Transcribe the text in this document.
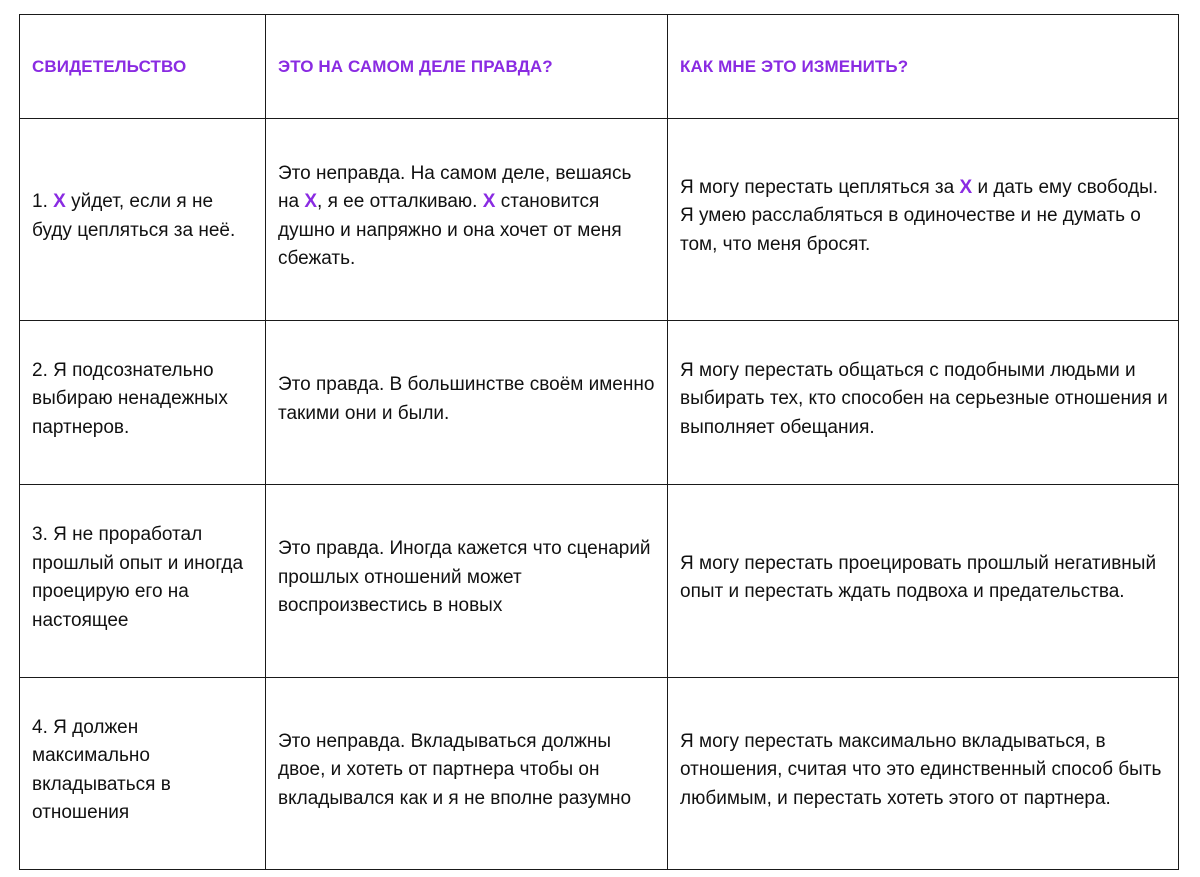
СВИДЕТЕЛЬСТВО	ЭТО НА САМОМ ДЕЛЕ ПРАВДА?	КАК МНЕ ЭТО ИЗМЕНИТЬ?

1. X уйдет, если я не буду цепляться за неё.	Это неправда. На самом деле, вешаясь на X, я ее отталкиваю. X становится душно и напряжно и она хочет от меня сбежать.	Я могу перестать цепляться за X и дать ему свободы. Я умею расслабляться в одиночестве и не думать о том, что меня бросят.

2. Я подсознательно выбираю ненадежных партнеров.	Это правда. В большинстве своём именно такими они и были.	Я могу перестать общаться с подобными людьми и выбирать тех, кто способен на серьезные отношения и выполняет обещания.

3. Я не проработал прошлый опыт и иногда проецирую его на настоящее	Это правда. Иногда кажется что сценарий прошлых отношений может воспроизвестись в новых	Я могу перестать проецировать прошлый негативный опыт и перестать ждать подвоха и предательства.

4. Я должен максимально вкладываться в отношения	Это неправда. Вкладываться должны двое, и хотеть от партнера чтобы он вкладывался как и я не вполне разумно	Я могу перестать максимально вкладываться, в отношения, считая что это единственный способ быть любимым, и перестать хотеть этого от партнера.
